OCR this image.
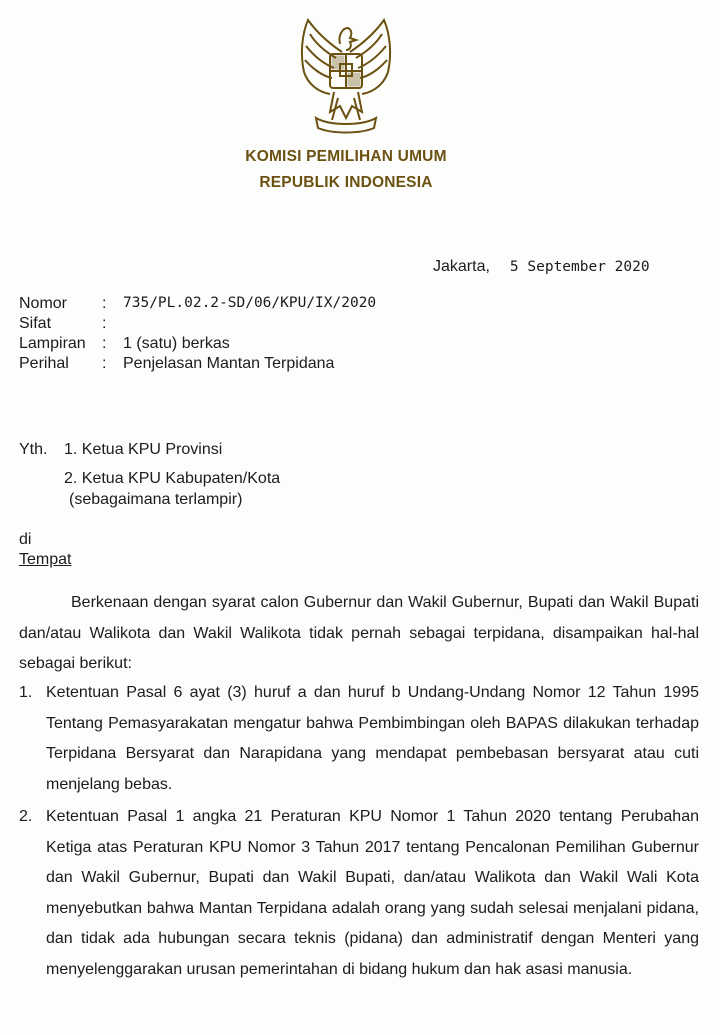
KOMISI PEMILIHAN UMUM
REPUBLIK INDONESIA
Jakarta, 5 September 2020
Nomor : 735/PL.02.2-SD/06/KPU/IX/2020
Sifat	:
Lampiran : 1 (satu) berkas
Perihal : Penjelasan Mantan Terpidana
Yth. 1. Ketua KPU Provinsi
2. Ketua KPU Kabupaten/Kota
(sebagaimana terlampir)
di
Tempat

Berkenaan dengan syarat calon Gubernur dan Wakil Gubernur, Bupati dan Wakil Bupati dan/atau Walikota dan Wakil Walikota tidak pernah sebagai terpidana, disampaikan hal-hal sebagai berikut:

1. Ketentuan Pasal 6 ayat (3) huruf a dan huruf b Undang-Undang Nomor 12 Tahun 1995 Tentang Pemasyarakatan mengatur bahwa Pembimbingan oleh BAPAS dilakukan terhadap Terpidana Bersyarat dan Narapidana yang mendapat pembebasan bersyarat atau cuti menjelang bebas.

2. Ketentuan Pasal 1 angka 21 Peraturan KPU Nomor 1 Tahun 2020 tentang Perubahan Ketiga atas Peraturan KPU Nomor 3 Tahun 2017 tentang Pencalonan Pemilihan Gubernur dan Wakil Gubernur, Bupati dan Wakil Bupati, dan/atau Walikota dan Wakil Wali Kota menyebutkan bahwa Mantan Terpidana adalah orang yang sudah selesai menjalani pidana, dan tidak ada hubungan secara teknis (pidana) dan administratif dengan Menteri yang menyelenggarakan urusan pemerintahan di bidang hukum dan hak asasi manusia.
